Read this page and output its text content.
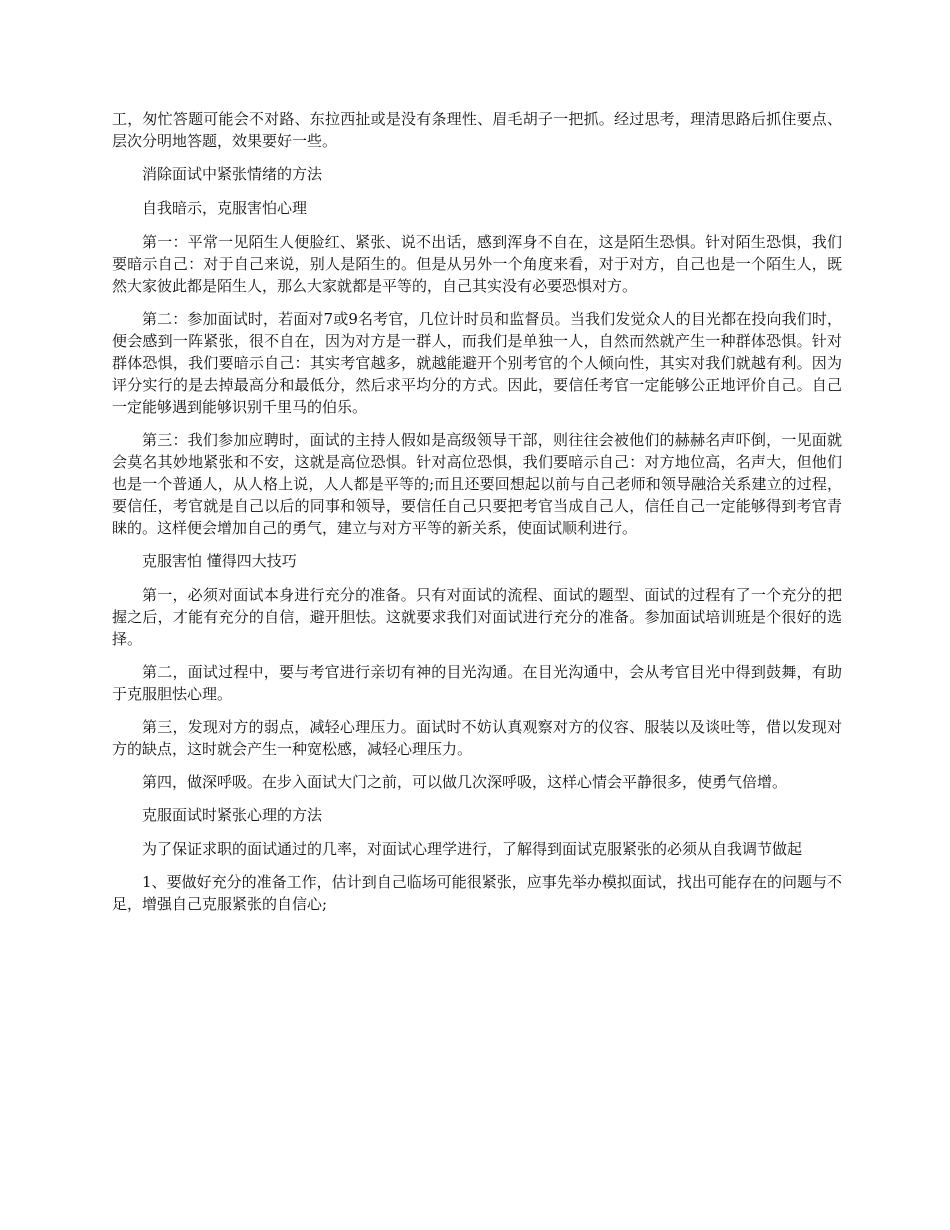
工，匆忙答题可能会不对路、东拉西扯或是没有条理性、眉毛胡子一把抓。经过思考，理清思路后抓住要点、层次分明地答题，效果要好一些。

消除面试中紧张情绪的方法

自我暗示，克服害怕心理

第一：平常一见陌生人便脸红、紧张、说不出话，感到浑身不自在，这是陌生恐惧。针对陌生恐惧，我们要暗示自己：对于自己来说，别人是陌生的。但是从另外一个角度来看，对于对方，自己也是一个陌生人，既然大家彼此都是陌生人，那么大家就都是平等的，自己其实没有必要恐惧对方。

第二：参加面试时，若面对7或9名考官，几位计时员和监督员。当我们发觉众人的目光都在投向我们时，便会感到一阵紧张，很不自在，因为对方是一群人，而我们是单独一人，自然而然就产生一种群体恐惧。针对群体恐惧，我们要暗示自己：其实考官越多，就越能避开个别考官的个人倾向性，其实对我们就越有利。因为评分实行的是去掉最高分和最低分，然后求平均分的方式。因此，要信任考官一定能够公正地评价自己。自己一定能够遇到能够识别千里马的伯乐。

第三：我们参加应聘时，面试的主持人假如是高级领导干部，则往往会被他们的赫赫名声吓倒，一见面就会莫名其妙地紧张和不安，这就是高位恐惧。针对高位恐惧，我们要暗示自己：对方地位高，名声大，但他们也是一个普通人，从人格上说，人人都是平等的;而且还要回想起以前与自己老师和领导融洽关系建立的过程，要信任，考官就是自己以后的同事和领导，要信任自己只要把考官当成自己人，信任自己一定能够得到考官青睐的。这样便会增加自己的勇气，建立与对方平等的新关系，使面试顺利进行。

克服害怕 懂得四大技巧

第一，必须对面试本身进行充分的准备。只有对面试的流程、面试的题型、面试的过程有了一个充分的把握之后，才能有充分的自信，避开胆怯。这就要求我们对面试进行充分的准备。参加面试培训班是个很好的选择。

第二，面试过程中，要与考官进行亲切有神的目光沟通。在目光沟通中，会从考官目光中得到鼓舞，有助于克服胆怯心理。

第三，发现对方的弱点，减轻心理压力。面试时不妨认真观察对方的仪容、服装以及谈吐等，借以发现对方的缺点，这时就会产生一种宽松感，减轻心理压力。

第四，做深呼吸。在步入面试大门之前，可以做几次深呼吸，这样心情会平静很多，使勇气倍增。

克服面试时紧张心理的方法

为了保证求职的面试通过的几率，对面试心理学进行，了解得到面试克服紧张的必须从自我调节做起

1、要做好充分的准备工作，估计到自己临场可能很紧张，应事先举办模拟面试，找出可能存在的问题与不足，增强自己克服紧张的自信心;
